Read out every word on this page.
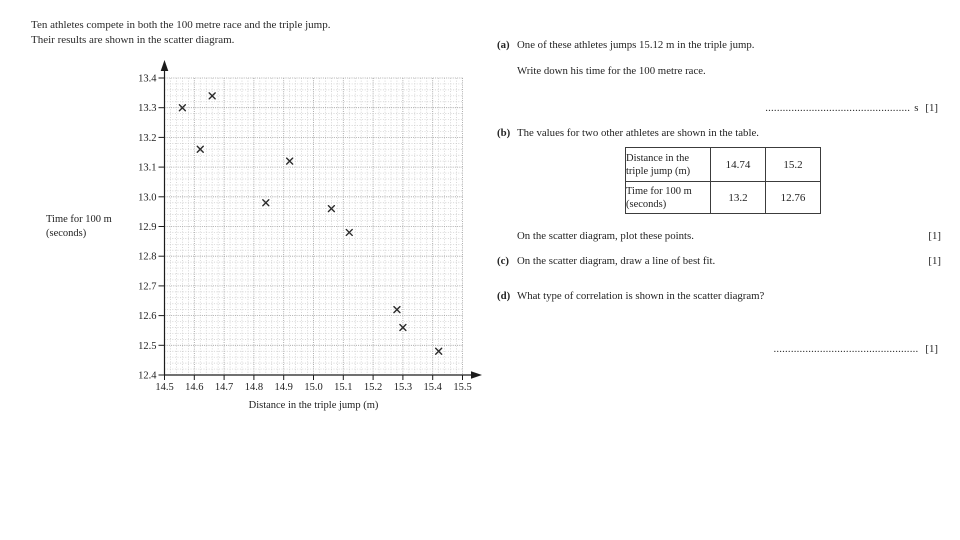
Ten athletes compete in both the 100 metre race and the triple jump.
Their results are shown in the scatter diagram.
14.5 14.6 14.7 14.8 14.9 15.0 15.1 15.2 15.3 15.4 15.5
12.4
12.5
12.6
12.7
12.8
12.9
13.0
13.1
13.2
13.3
13.4
Distance in the triple jump (m)
Time for 100 m
(seconds)
(a) One of these athletes jumps 15.12 m in the triple jump.
Write down his time for the 100 metre race.
.................................................. s [1]
(b) The values for two other athletes are shown in the table.
Distance in the
triple jump (m)	14.74	15.2

Time for 100 m
(seconds)	13.2	12.76
On the scatter diagram, plot these points.	[1]
(c) On the scatter diagram, draw a line of best fit.	[1]
(d) What type of correlation is shown in the scatter diagram?
.................................................. [1]
